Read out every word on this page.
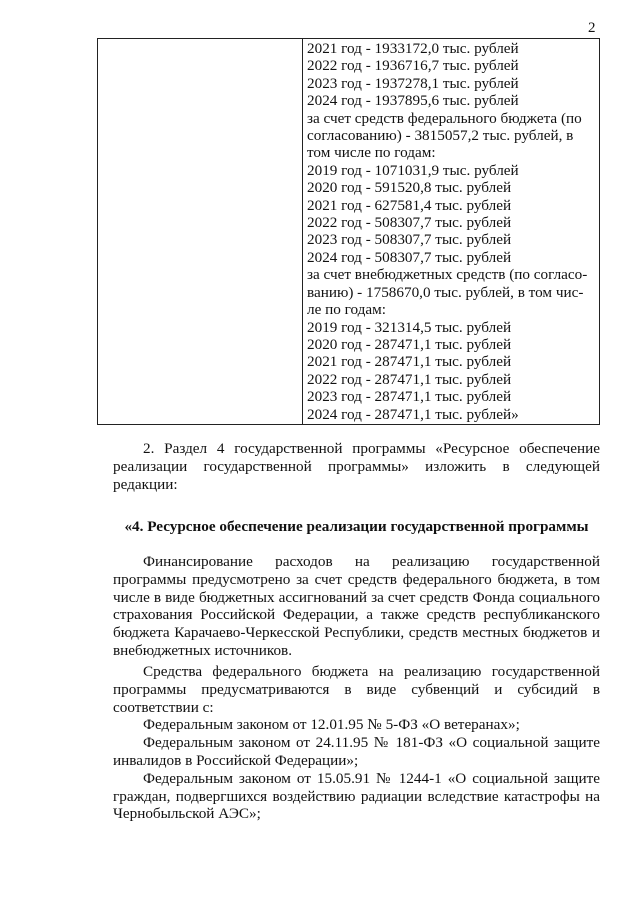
2
2021 год - 1933172,0 тыс. рублей
2022 год - 1936716,7 тыс. рублей
2023 год - 1937278,1 тыс. рублей
2024 год - 1937895,6 тыс. рублей
за счет средств федерального бюджета (по
согласованию) - 3815057,2 тыс. рублей, в
том числе по годам:
2019 год - 1071031,9 тыс. рублей
2020 год - 591520,8 тыс. рублей
2021 год - 627581,4 тыс. рублей
2022 год - 508307,7 тыс. рублей
2023 год - 508307,7 тыс. рублей
2024 год - 508307,7 тыс. рублей
за счет внебюджетных средств (по согласо-
ванию) - 1758670,0 тыс. рублей, в том чис-
ле по годам:
2019 год - 321314,5 тыс. рублей
2020 год - 287471,1 тыс. рублей
2021 год - 287471,1 тыс. рублей
2022 год - 287471,1 тыс. рублей
2023 год - 287471,1 тыс. рублей
2024 год - 287471,1 тыс. рублей»

2. Раздел 4 государственной программы «Ресурсное обеспечение реализации государственной программы» изложить в следующей редакции:

«4. Ресурсное обеспечение реализации государственной программы

Финансирование расходов на реализацию государственной программы предусмотрено за счет средств федерального бюджета, в том числе в виде бюджетных ассигнований за счет средств Фонда социального страхования Российской Федерации, а также средств республиканского бюджета Карачаево-Черкесской Республики, средств местных бюджетов и внебюджетных источников.

Средства федерального бюджета на реализацию государственной программы предусматриваются в виде субвенций и субсидий в соответствии с:

Федеральным законом от 12.01.95 № 5-ФЗ «О ветеранах»;

Федеральным законом от 24.11.95 № 181-ФЗ «О социальной защите инвалидов в Российской Федерации»;

Федеральным законом от 15.05.91 № 1244-1 «О социальной защите граждан, подвергшихся воздействию радиации вследствие катастрофы на Чернобыльской АЭС»;
